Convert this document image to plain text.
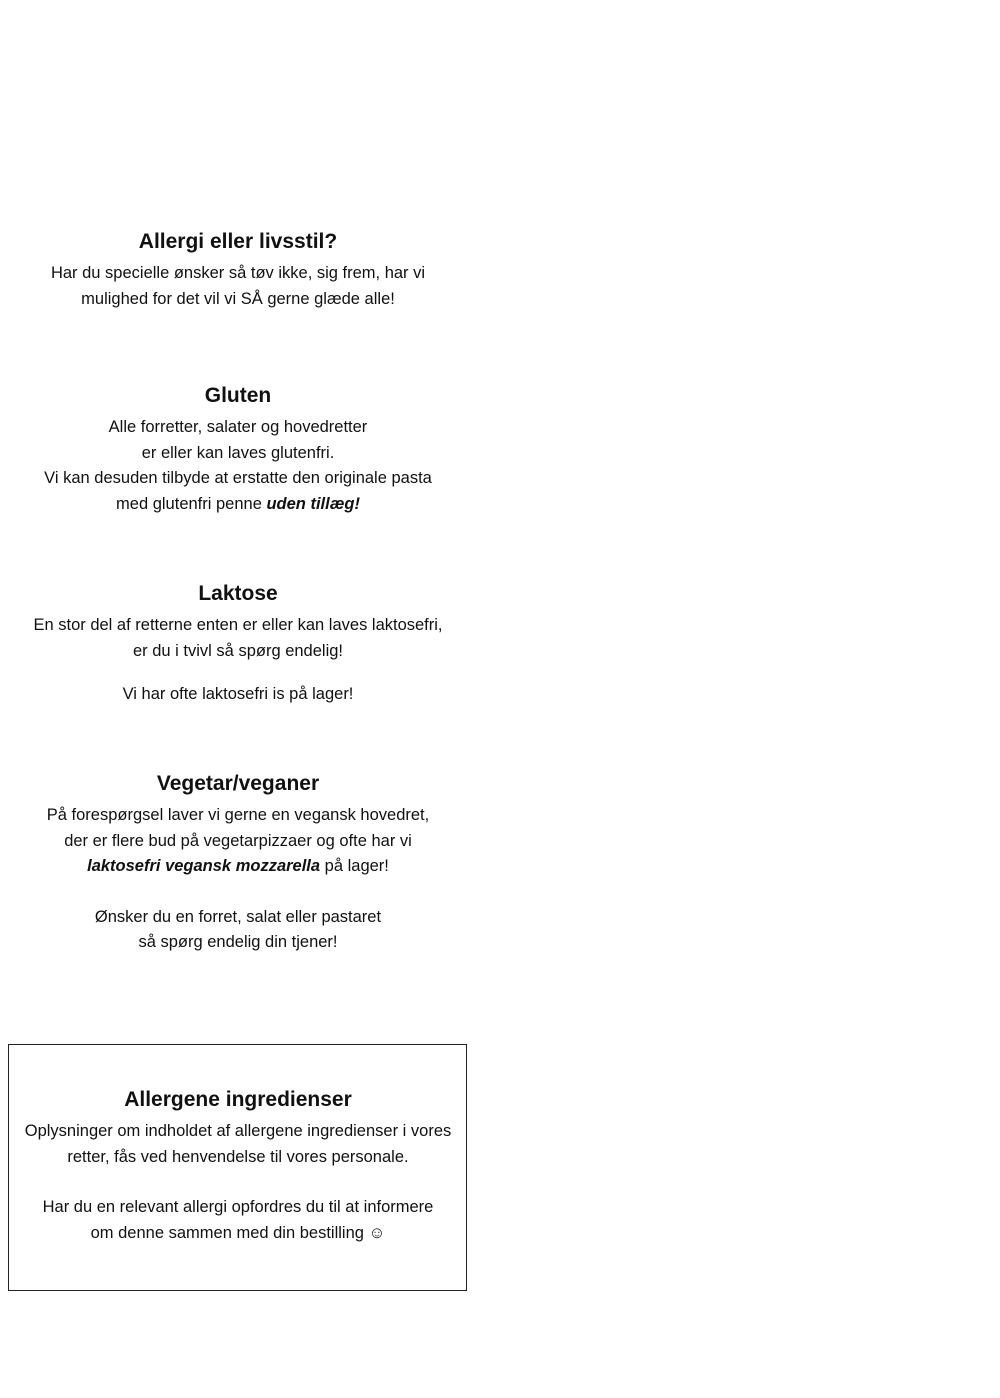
Allergi eller livsstil?
Har du specielle ønsker så tøv ikke, sig frem, har vi
mulighed for det vil vi SÅ gerne glæde alle!
Gluten
Alle forretter, salater og hovedretter
er eller kan laves glutenfri.
Vi kan desuden tilbyde at erstatte den originale pasta
med glutenfri penne uden tillæg!
Laktose
En stor del af retterne enten er eller kan laves laktosefri,
er du i tvivl så spørg endelig!
Vi har ofte laktosefri is på lager!
Vegetar/veganer
På forespørgsel laver vi gerne en vegansk hovedret,
der er flere bud på vegetarpizzaer og ofte har vi
laktosefri vegansk mozzarella på lager!
Ønsker du en forret, salat eller pastaret
så spørg endelig din tjener!
Allergene ingredienser
Oplysninger om indholdet af allergene ingredienser i vores
retter, fås ved henvendelse til vores personale.
Har du en relevant allergi opfordres du til at informere
om denne sammen med din bestilling ☺
